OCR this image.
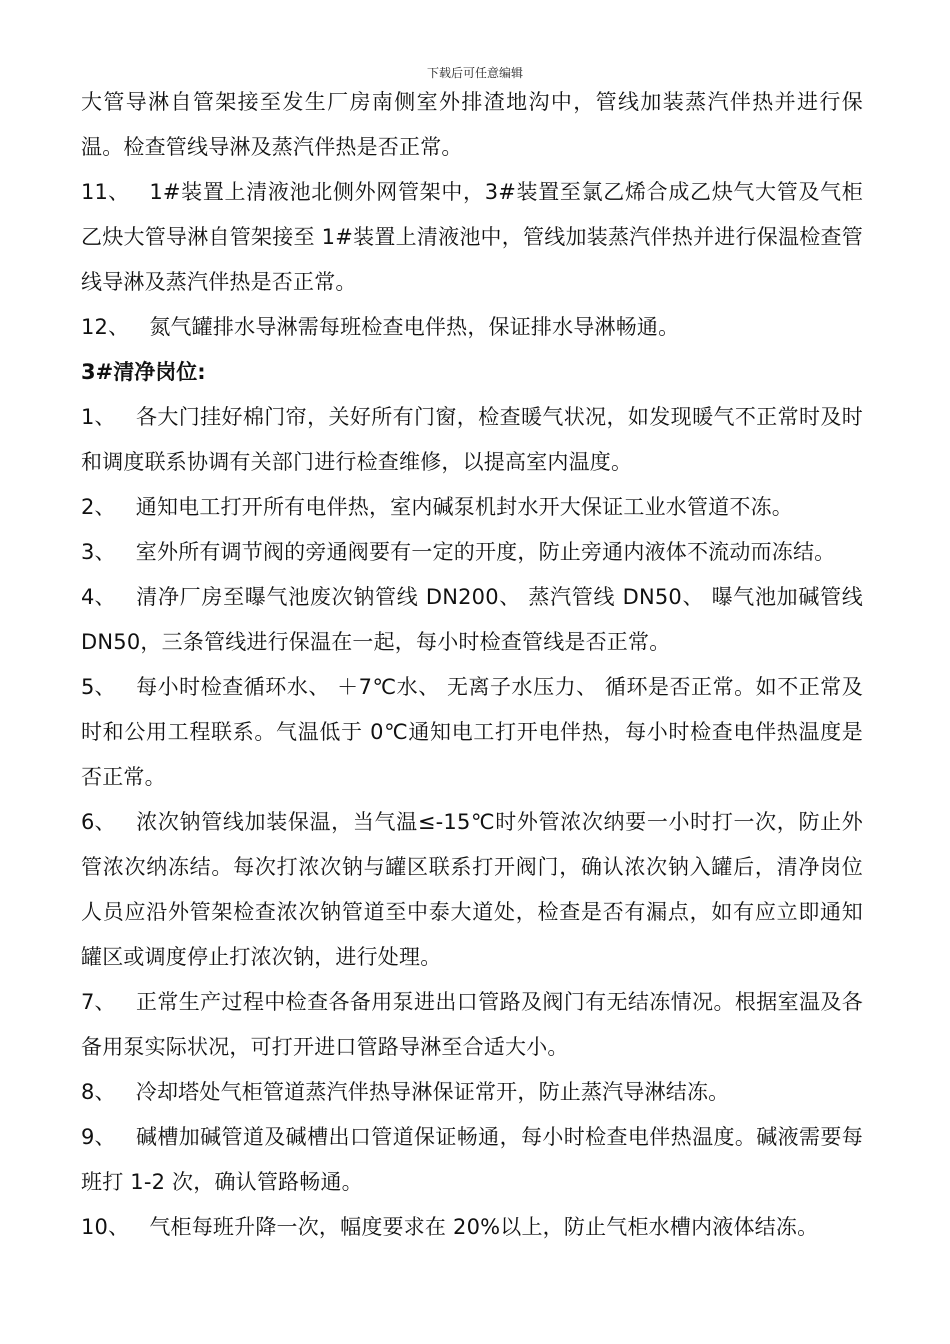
下载后可任意编辑

大管导淋自管架接至发生厂房南侧室外排渣地沟中，管线加装蒸汽伴热并进行保温。检查管线导淋及蒸汽伴热是否正常。

11、 1#装置上清液池北侧外网管架中，3#装置至氯乙烯合成乙炔气大管及气柜乙炔大管导淋自管架接至 1#装置上清液池中，管线加装蒸汽伴热并进行保温检查管线导淋及蒸汽伴热是否正常。

12、 氮气罐排水导淋需每班检查电伴热，保证排水导淋畅通。

3#清净岗位:

1、 各大门挂好棉门帘，关好所有门窗，检查暖气状况，如发现暖气不正常时及时和调度联系协调有关部门进行检查维修，以提高室内温度。

2、 通知电工打开所有电伴热，室内碱泵机封水开大保证工业水管道不冻。

3、 室外所有调节阀的旁通阀要有一定的开度，防止旁通内液体不流动而冻结。

4、 清净厂房至曝气池废次钠管线 DN200、 蒸汽管线 DN50、 曝气池加碱管线 DN50，三条管线进行保温在一起，每小时检查管线是否正常。

5、 每小时检查循环水、 ＋7℃水、 无离子水压力、 循环是否正常。如不正常及时和公用工程联系。气温低于 0℃通知电工打开电伴热，每小时检查电伴热温度是否正常。

6、 浓次钠管线加装保温，当气温≤-15℃时外管浓次纳要一小时打一次，防止外管浓次纳冻结。每次打浓次钠与罐区联系打开阀门，确认浓次钠入罐后，清净岗位人员应沿外管架检查浓次钠管道至中泰大道处，检查是否有漏点，如有应立即通知罐区或调度停止打浓次钠，进行处理。

7、 正常生产过程中检查各备用泵进出口管路及阀门有无结冻情况。根据室温及各备用泵实际状况，可打开进口管路导淋至合适大小。

8、 冷却塔处气柜管道蒸汽伴热导淋保证常开，防止蒸汽导淋结冻。

9、 碱槽加碱管道及碱槽出口管道保证畅通，每小时检查电伴热温度。碱液需要每班打 1-2 次，确认管路畅通。

10、 气柜每班升降一次，幅度要求在 20%以上，防止气柜水槽内液体结冻。
